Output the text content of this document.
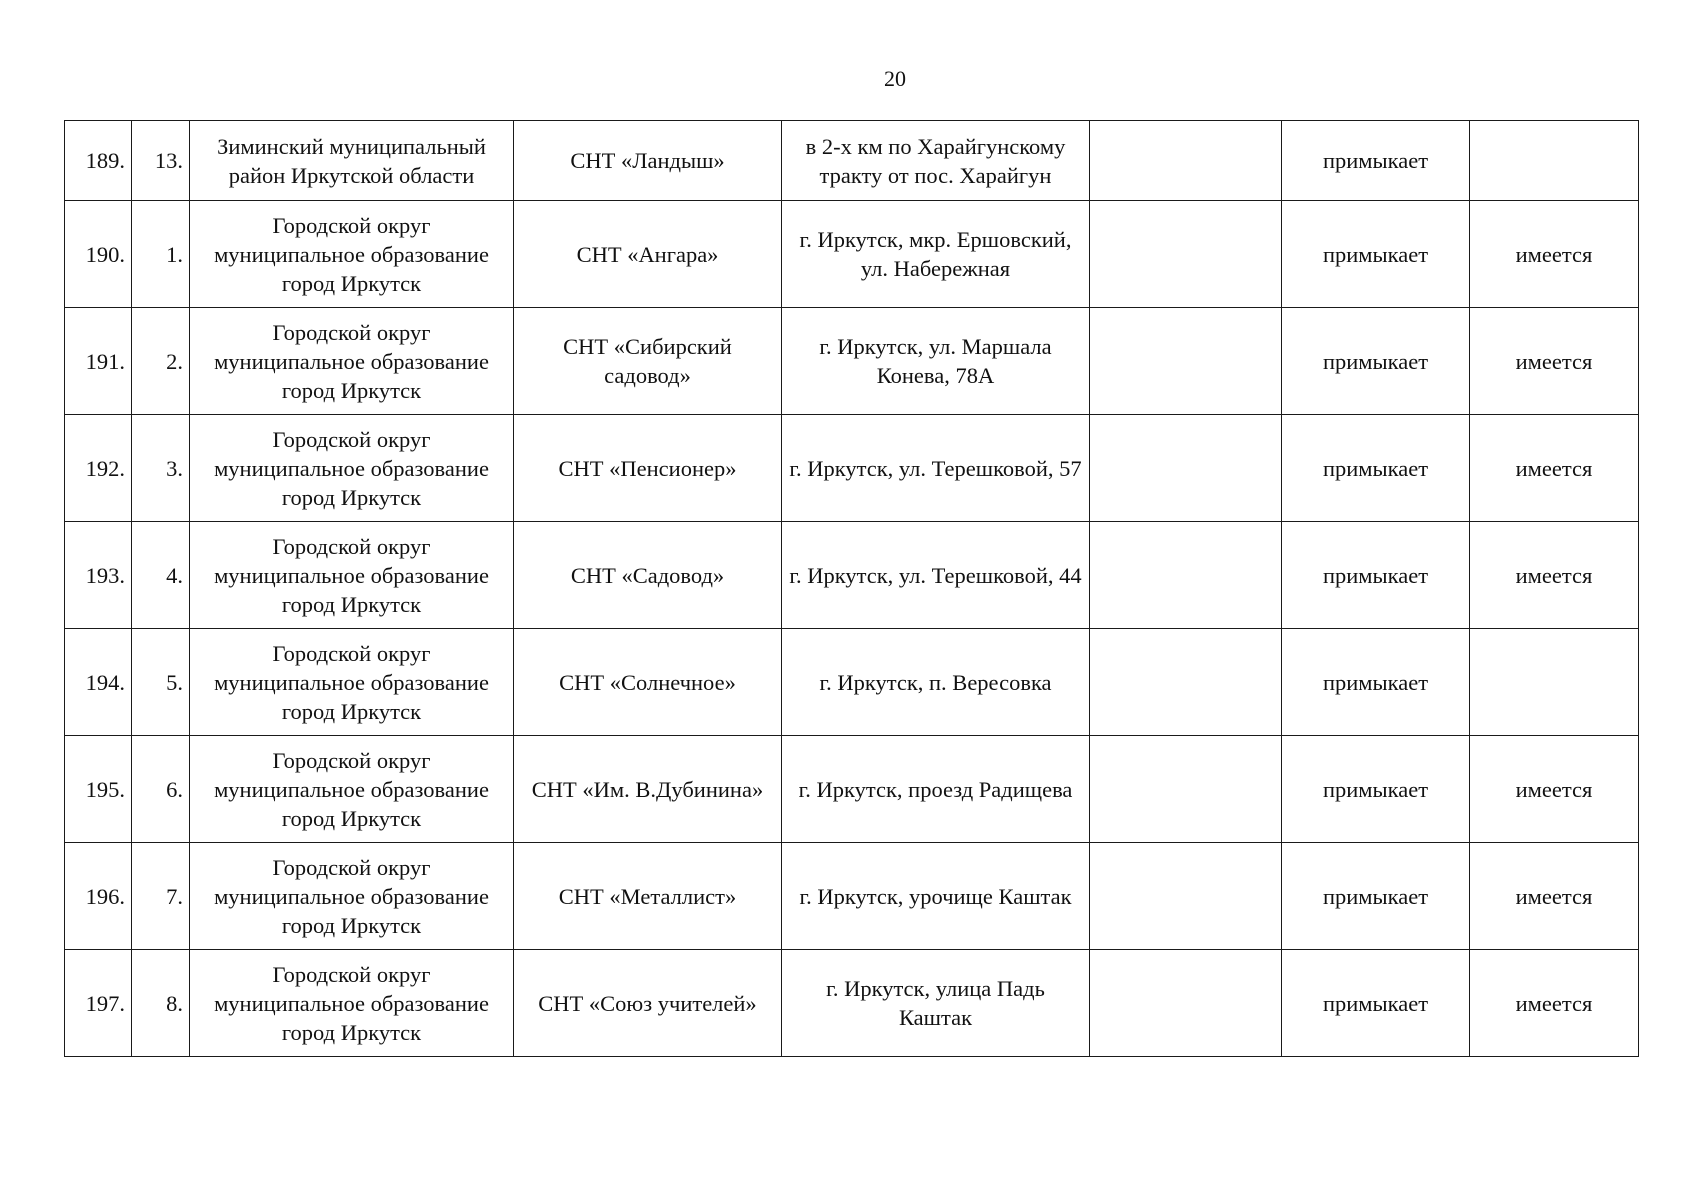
20
189.	13.	Зиминский муниципальный район Иркутской области	СНТ «Ландыш»	в 2-х км по Харайгунскому тракту от пос. Харайгун		примыкает	
190.	1.	Городской округ муниципальное образование город Иркутск	СНТ «Ангара»	г. Иркутск, мкр. Ершовский, ул. Набережная		примыкает	имеется
191.	2.	Городской округ муниципальное образование город Иркутск	СНТ «Сибирский садовод»	г. Иркутск, ул. Маршала Конева, 78А		примыкает	имеется
192.	3.	Городской округ муниципальное образование город Иркутск	СНТ «Пенсионер»	г. Иркутск, ул. Терешковой, 57		примыкает	имеется
193.	4.	Городской округ муниципальное образование город Иркутск	СНТ «Садовод»	г. Иркутск, ул. Терешковой, 44		примыкает	имеется
194.	5.	Городской округ муниципальное образование город Иркутск	СНТ «Солнечное»	г. Иркутск, п. Вересовка		примыкает	
195.	6.	Городской округ муниципальное образование город Иркутск	СНТ «Им. В.Дубинина»	г. Иркутск, проезд Радищева		примыкает	имеется
196.	7.	Городской округ муниципальное образование город Иркутск	СНТ «Металлист»	г. Иркутск, урочище Каштак		примыкает	имеется
197.	8.	Городской округ муниципальное образование город Иркутск	СНТ «Союз учителей»	г. Иркутск, улица Падь Каштак		примыкает	имеется
